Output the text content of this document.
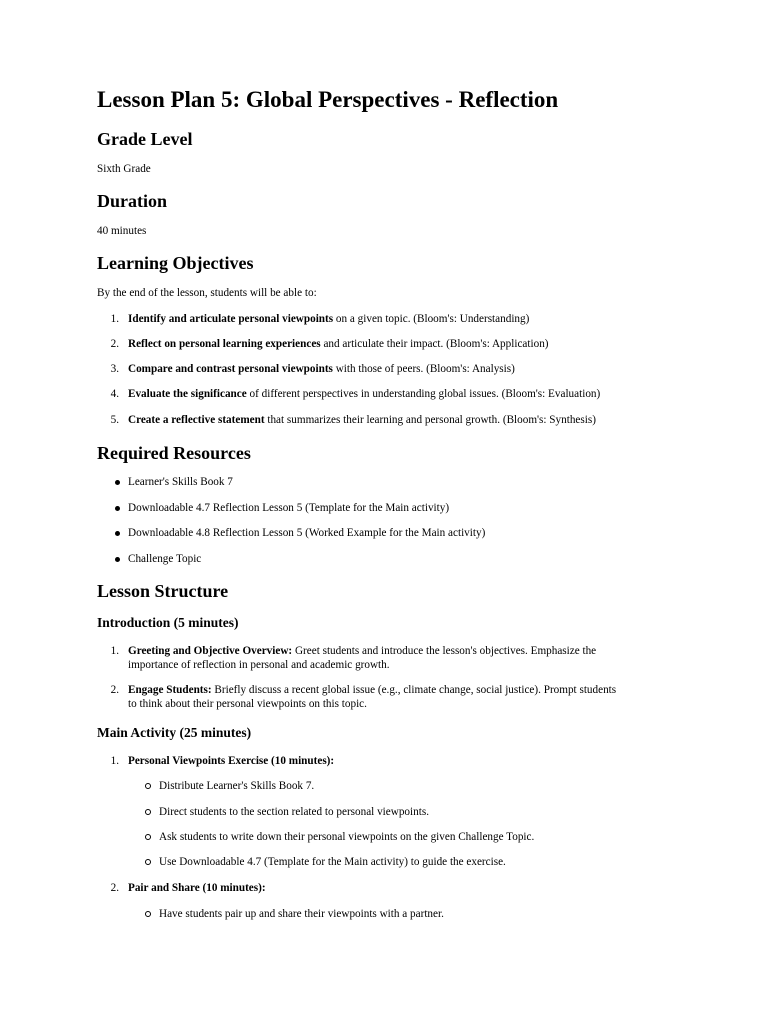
Lesson Plan 5: Global Perspectives - Reflection
Grade Level

Sixth Grade

Duration

40 minutes

Learning Objectives

By the end of the lesson, students will be able to:

1. Identify and articulate personal viewpoints on a given topic. (Bloom's: Understanding)
2. Reflect on personal learning experiences and articulate their impact. (Bloom's: Application)
3. Compare and contrast personal viewpoints with those of peers. (Bloom's: Analysis)
4. Evaluate the significance of different perspectives in understanding global issues. (Bloom's: Evaluation)
5. Create a reflective statement that summarizes their learning and personal growth. (Bloom's: Synthesis)
Required Resources
Learner's Skills Book 7
Downloadable 4.7 Reflection Lesson 5 (Template for the Main activity)
Downloadable 4.8 Reflection Lesson 5 (Worked Example for the Main activity)
Challenge Topic
Lesson Structure
Introduction (5 minutes)
1. Greeting and Objective Overview: Greet students and introduce the lesson's objectives. Emphasize the
importance of reflection in personal and academic growth.
2. Engage Students: Briefly discuss a recent global issue (e.g., climate change, social justice). Prompt students
to think about their personal viewpoints on this topic.
Main Activity (25 minutes)
1. Personal Viewpoints Exercise (10 minutes):
Distribute Learner's Skills Book 7.
Direct students to the section related to personal viewpoints.
Ask students to write down their personal viewpoints on the given Challenge Topic.
Use Downloadable 4.7 (Template for the Main activity) to guide the exercise.
2. Pair and Share (10 minutes):
Have students pair up and share their viewpoints with a partner.
